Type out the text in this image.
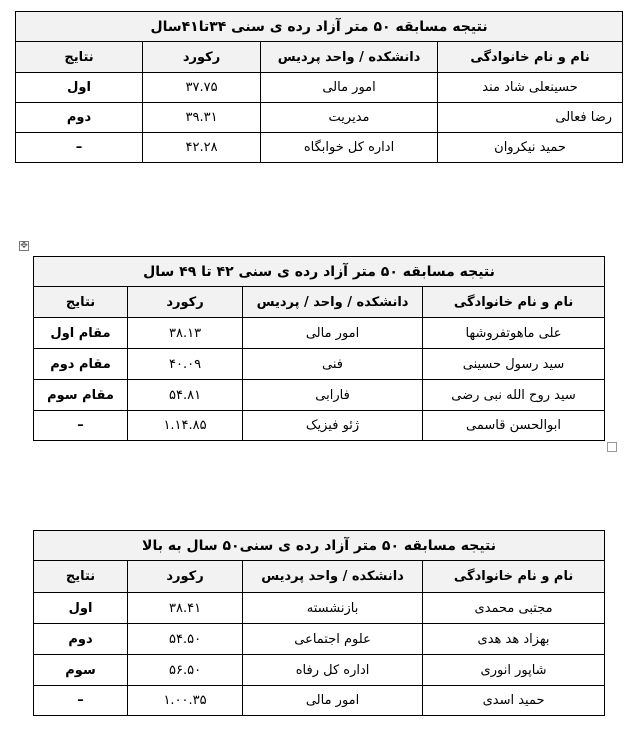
نتیجه مسابقه ۵۰ متر آزاد رده ی سنی ۳۴تا۴۱سال			
نام و نام خانوادگی	دانشکده / واحد پردیس	رکورد	نتایج
حسینعلی شاد مند	امور مالی	۳۷.۷۵	اول
رضا فعالی	مدیریت	۳۹.۳۱	دوم
حمید نیکروان	اداره کل خوابگاه	۴۲.۲۸	–
✥
نتیجه مسابقه ۵۰ متر آزاد رده ی سنی ۴۲ تا ۴۹ سال			
نام و نام خانوادگی	دانشکده / واحد / پردیس	رکورد	نتایج
علی ماهوتفروشها	امور مالی	۳۸.۱۳	مقام اول
سید رسول حسینی	فنی	۴۰.۰۹	مقام دوم
سید روح الله نبی رضی	فارابی	۵۴.۸۱	مقام سوم
ابوالحسن قاسمی	ژئو فیزیک	۱.۱۴.۸۵	–
نتیجه مسابقه ۵۰ متر آزاد رده ی سنی۵۰ سال به بالا			
نام و نام خانوادگی	دانشکده / واحد پردیس	رکورد	نتایج
مجتبی محمدی	بازنشسته	۳۸.۴۱	اول
بهزاد هد هدی	علوم اجتماعی	۵۴.۵۰	دوم
شاپور انوری	اداره کل رفاه	۵۶.۵۰	سوم
حمید اسدی	امور مالی	۱.۰۰.۳۵	–
